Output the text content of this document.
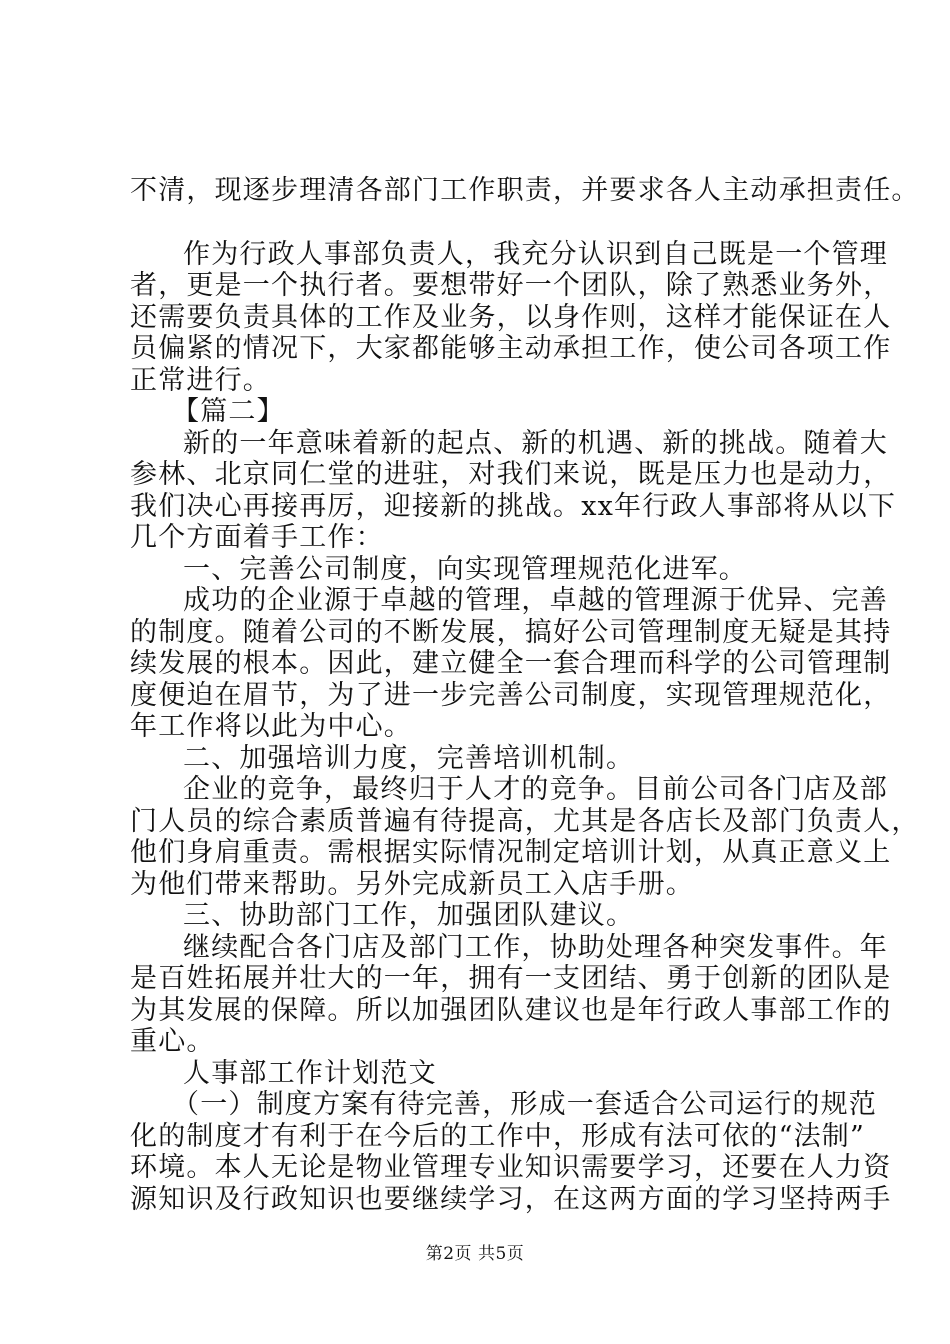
不清，现逐步理清各部门工作职责，并要求各人主动承担责任。
作为行政人事部负责人，我充分认识到自己既是一个管理
者，更是一个执行者。要想带好一个团队，除了熟悉业务外，
还需要负责具体的工作及业务，以身作则，这样才能保证在人
员偏紧的情况下，大家都能够主动承担工作，使公司各项工作
正常进行。
【篇二】
新的一年意味着新的起点、新的机遇、新的挑战。随着大
参林、北京同仁堂的进驻，对我们来说，既是压力也是动力，
我们决心再接再厉，迎接新的挑战。xx年行政人事部将从以下
几个方面着手工作：
一、完善公司制度，向实现管理规范化进军。
成功的企业源于卓越的管理，卓越的管理源于优异、完善
的制度。随着公司的不断发展，搞好公司管理制度无疑是其持
续发展的根本。因此，建立健全一套合理而科学的公司管理制
度便迫在眉节，为了进一步完善公司制度，实现管理规范化，
年工作将以此为中心。
二、加强培训力度，完善培训机制。
企业的竞争，最终归于人才的竞争。目前公司各门店及部
门人员的综合素质普遍有待提高，尤其是各店长及部门负责人，
他们身肩重责。需根据实际情况制定培训计划，从真正意义上
为他们带来帮助。另外完成新员工入店手册。
三、协助部门工作，加强团队建议。
继续配合各门店及部门工作，协助处理各种突发事件。年
是百姓拓展并壮大的一年，拥有一支团结、勇于创新的团队是
为其发展的保障。所以加强团队建议也是年行政人事部工作的
重心。
人事部工作计划范文
（一）制度方案有待完善，形成一套适合公司运行的规范
化的制度才有利于在今后的工作中，形成有法可依的“法制”
第2页 共5页
环境。本人无论是物业管理专业知识需要学习，还要在人力资
源知识及行政知识也要继续学习，在这两方面的学习坚持两手
